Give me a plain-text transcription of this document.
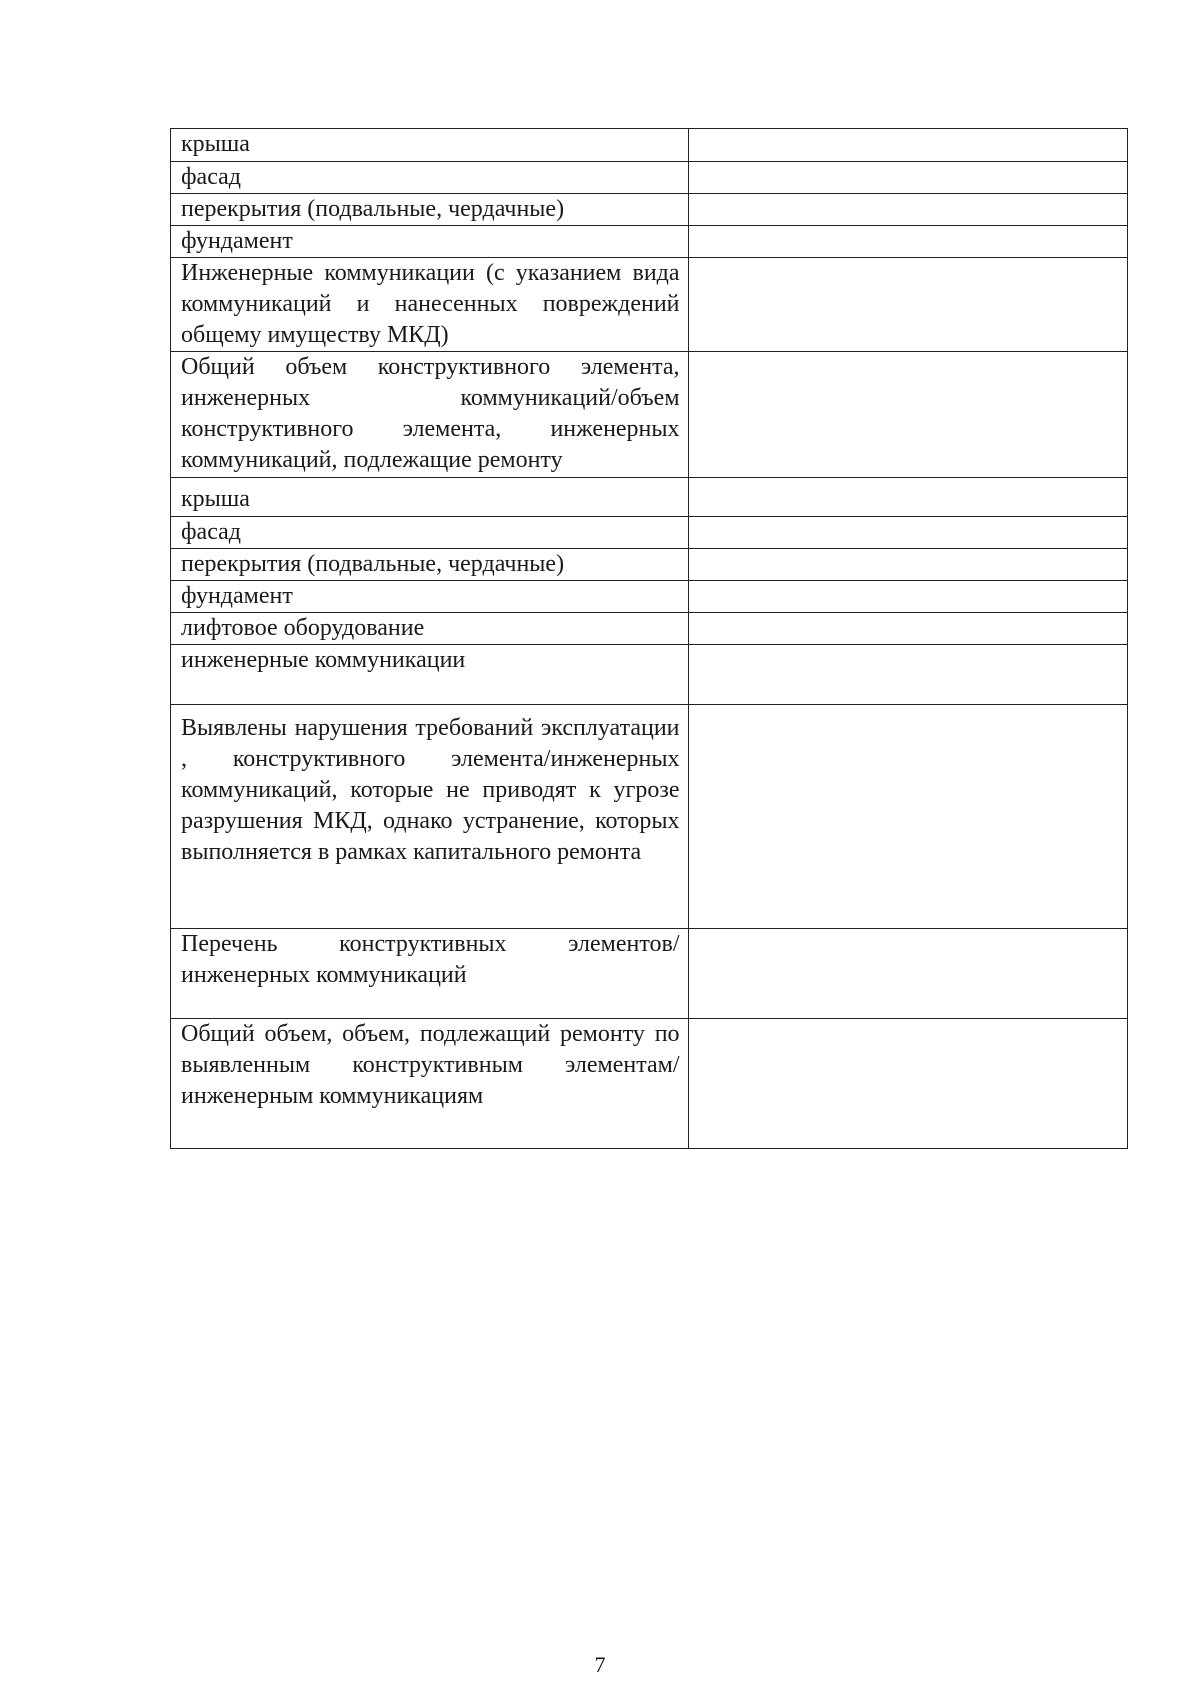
крыша	
фасад	
перекрытия (подвальные, чердачные)	
фундамент	
Инженерные коммуникации (с указанием вида коммуникаций и нанесенных повреждений общему имуществу МКД)	
Общий объем конструктивного элемента, инженерных коммуникаций/объем конструктивного элемента, инженерных коммуникаций, подлежащие ремонту	
крыша	
фасад	
перекрытия (подвальные, чердачные)	
фундамент	
лифтовое оборудование	
инженерные коммуникации	
Выявлены нарушения требований эксплуатации , конструктивного элемента/инженерных коммуникаций, которые не приводят к угрозе разрушения МКД, однако устранение, которых выполняется в рамках капитального ремонта	
Перечень конструктивных элементов/ инженерных коммуникаций	
Общий объем, объем, подлежащий ремонту по выявленным конструктивным элементам/ инженерным коммуникациям	
7
